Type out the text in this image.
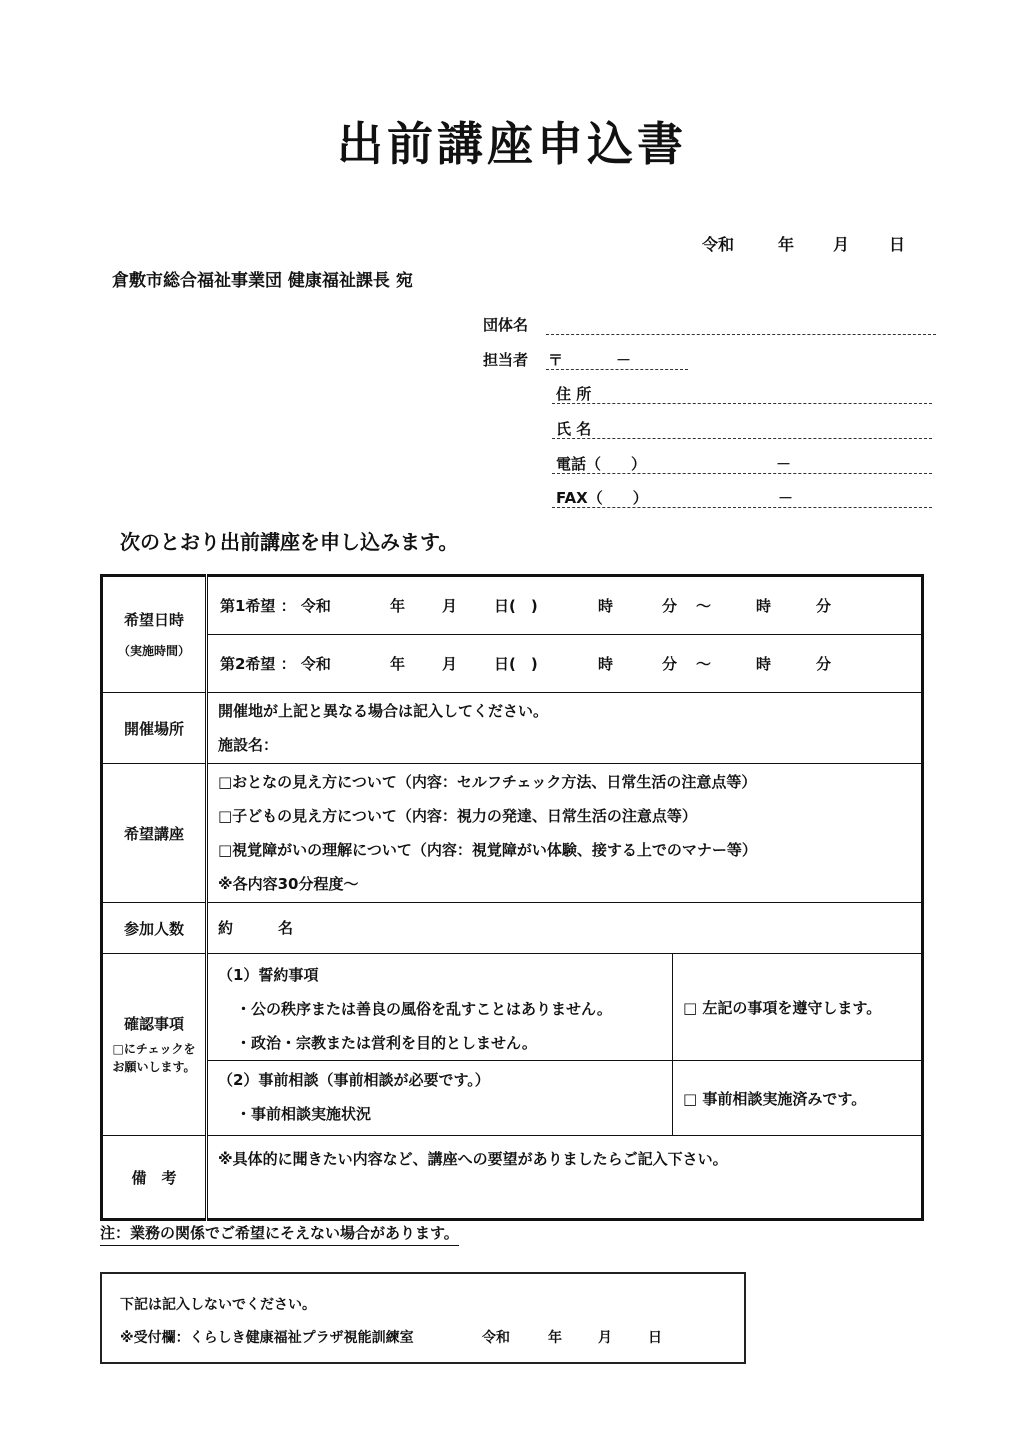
出前講座申込書
令和	年 月 日
倉敷市総合福祉事業団 健康福祉課長 宛
団体名
担当者 〒	－
住 所
氏 名
電話（　　）	－
FAX（　　）	－
次のとおり出前講座を申し込みます。
希望日時
（実施時間）

第1希望 ： 令和	年	月	日(　)	時	分	～	時	分

第2希望 ： 令和	年	月	日(　)	時	分	～	時	分

開催場所	
開催地が上記と異なる場合は記入してください。
施設名：

希望講座	
□おとなの見え方について（内容：セルフチェック方法、日常生活の注意点等）
□子どもの見え方について（内容：視力の発達、日常生活の注意点等）
□視覚障がいの理解について（内容：視覚障がい体験、接する上でのマナー等）
※各内容30分程度～

参加人数	約　　　名

確認事項
□にチェックを
お願いします。

（1）誓約事項
・公の秩序または善良の風俗を乱すことはありません。
・政治・宗教または営利を目的としません。
	□ 左記の事項を遵守します。

（2）事前相談（事前相談が必要です。）
・事前相談実施状況
	□ 事前相談実施済みです。

備　考	
※具体的に聞きたい内容など、講座への要望がありましたらご記入下さい。
注：業務の関係でご希望にそえない場合があります。
下記は記入しないでください。
※受付欄：くらしき健康福祉プラザ視能訓練室	令和	年	月	日
